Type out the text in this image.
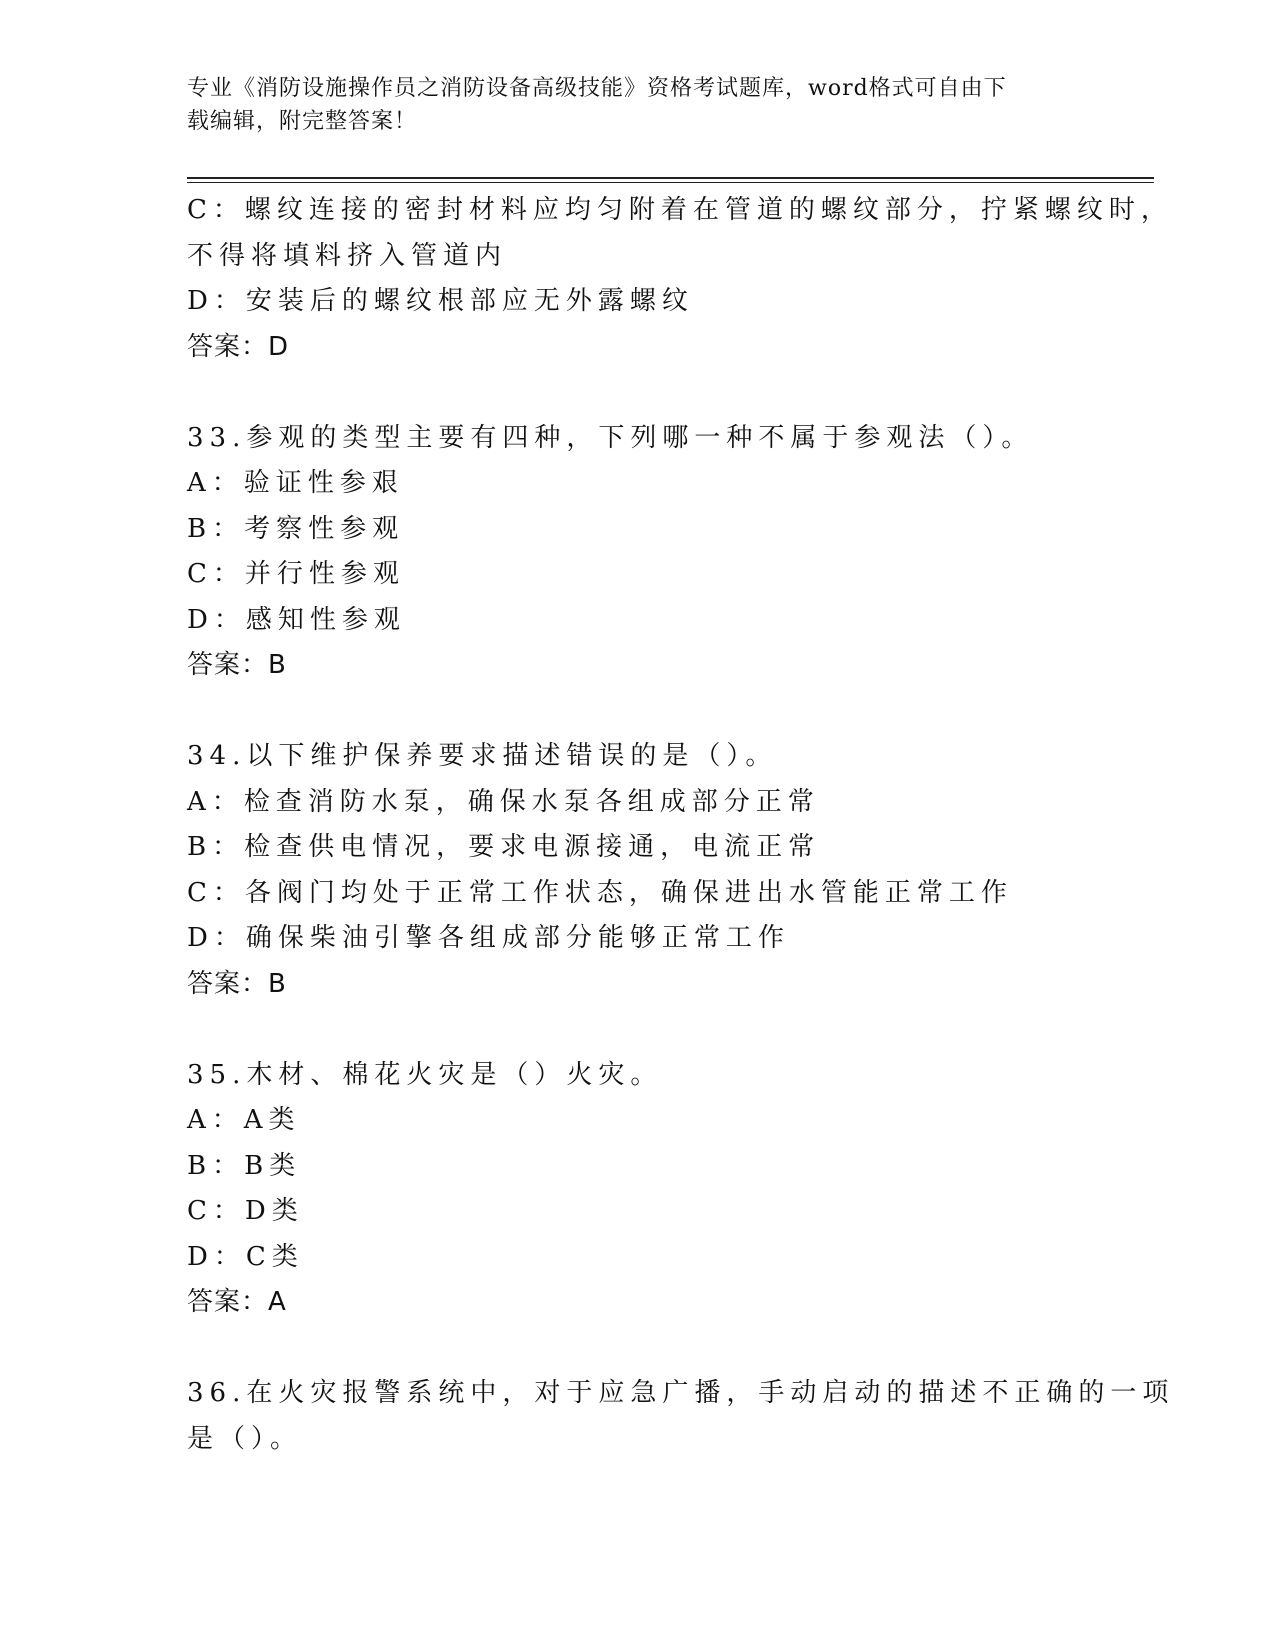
专业《消防设施操作员之消防设备高级技能》资格考试题库，word格式可自由下
载编辑，附完整答案！
C：螺纹连接的密封材料应均匀附着在管道的螺纹部分，拧紧螺纹时，
不得将填料挤入管道内
D：安装后的螺纹根部应无外露螺纹
答案：D
33.参观的类型主要有四种，下列哪一种不属于参观法（）。
A：验证性参艰
B：考察性参观
C：并行性参观
D：感知性参观
答案：B
34.以下维护保养要求描述错误的是（）。
A：检查消防水泵，确保水泵各组成部分正常
B：检查供电情况，要求电源接通，电流正常
C：各阀门均处于正常工作状态，确保进出水管能正常工作
D：确保柴油引擎各组成部分能够正常工作
答案：B
35.木材、棉花火灾是（）火灾。
A：A类
B：B类
C：D类
D：C类
答案：A
36.在火灾报警系统中，对于应急广播，手动启动的描述不正确的一项
是（）。
